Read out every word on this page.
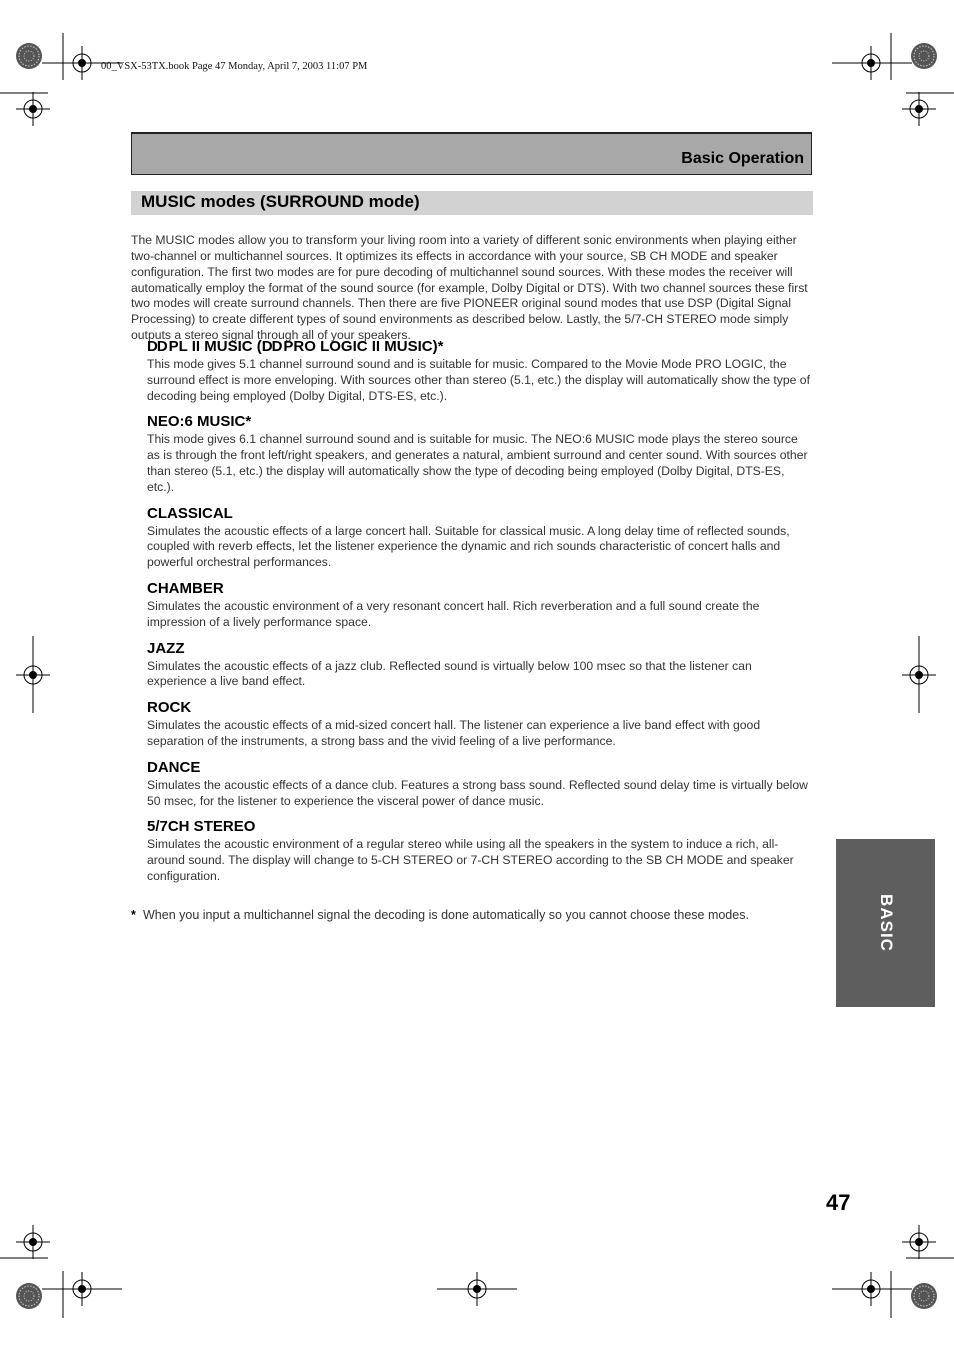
00_VSX-53TX.book Page 47 Monday, April 7, 2003 11:07 PM
Basic Operation
MUSIC modes (SURROUND mode)

The MUSIC modes allow you to transform your living room into a variety of different sonic environments when playing either two-channel or multichannel sources. It optimizes its effects in accordance with your source, SB CH MODE and speaker configuration. The first two modes are for pure decoding of multichannel sound sources. With these modes the receiver will automatically employ the format of the sound source (for example, Dolby Digital or DTS). With two channel sources these first two modes will create surround channels. Then there are five PIONEER original sound modes that use DSP (Digital Signal Processing) to create different types of sound environments as described below. Lastly, the 5/7-CH STEREO mode simply outputs a stereo signal through all of your speakers.

DD PL II MUSIC (DD PRO LOGIC II MUSIC)*

This mode gives 5.1 channel surround sound and is suitable for music. Compared to the Movie Mode PRO LOGIC, the surround effect is more enveloping. With sources other than stereo (5.1, etc.) the display will automatically show the type of decoding being employed (Dolby Digital, DTS-ES, etc.).

NEO:6 MUSIC*

This mode gives 6.1 channel surround sound and is suitable for music. The NEO:6 MUSIC mode plays the stereo source as is through the front left/right speakers, and generates a natural, ambient surround and center sound. With sources other than stereo (5.1, etc.) the display will automatically show the type of decoding being employed (Dolby Digital, DTS-ES, etc.).

CLASSICAL

Simulates the acoustic effects of a large concert hall. Suitable for classical music. A long delay time of reflected sounds, coupled with reverb effects, let the listener experience the dynamic and rich sounds characteristic of concert halls and powerful orchestral performances.

CHAMBER

Simulates the acoustic environment of a very resonant concert hall. Rich reverberation and a full sound create the impression of a lively performance space.

JAZZ

Simulates the acoustic effects of a jazz club. Reflected sound is virtually below 100 msec so that the listener can experience a live band effect.

ROCK

Simulates the acoustic effects of a mid-sized concert hall. The listener can experience a live band effect with good separation of the instruments, a strong bass and the vivid feeling of a live performance.

DANCE

Simulates the acoustic effects of a dance club. Features a strong bass sound. Reflected sound delay time is virtually below 50 msec, for the listener to experience the visceral power of dance music.

5/7CH STEREO

Simulates the acoustic environment of a regular stereo while using all the speakers in the system to induce a rich, all-around sound. The display will change to 5-CH STEREO or 7-CH STEREO according to the SB CH MODE and speaker configuration.

* When you input a multichannel signal the decoding is done automatically so you cannot choose these modes.	BASIC
47
